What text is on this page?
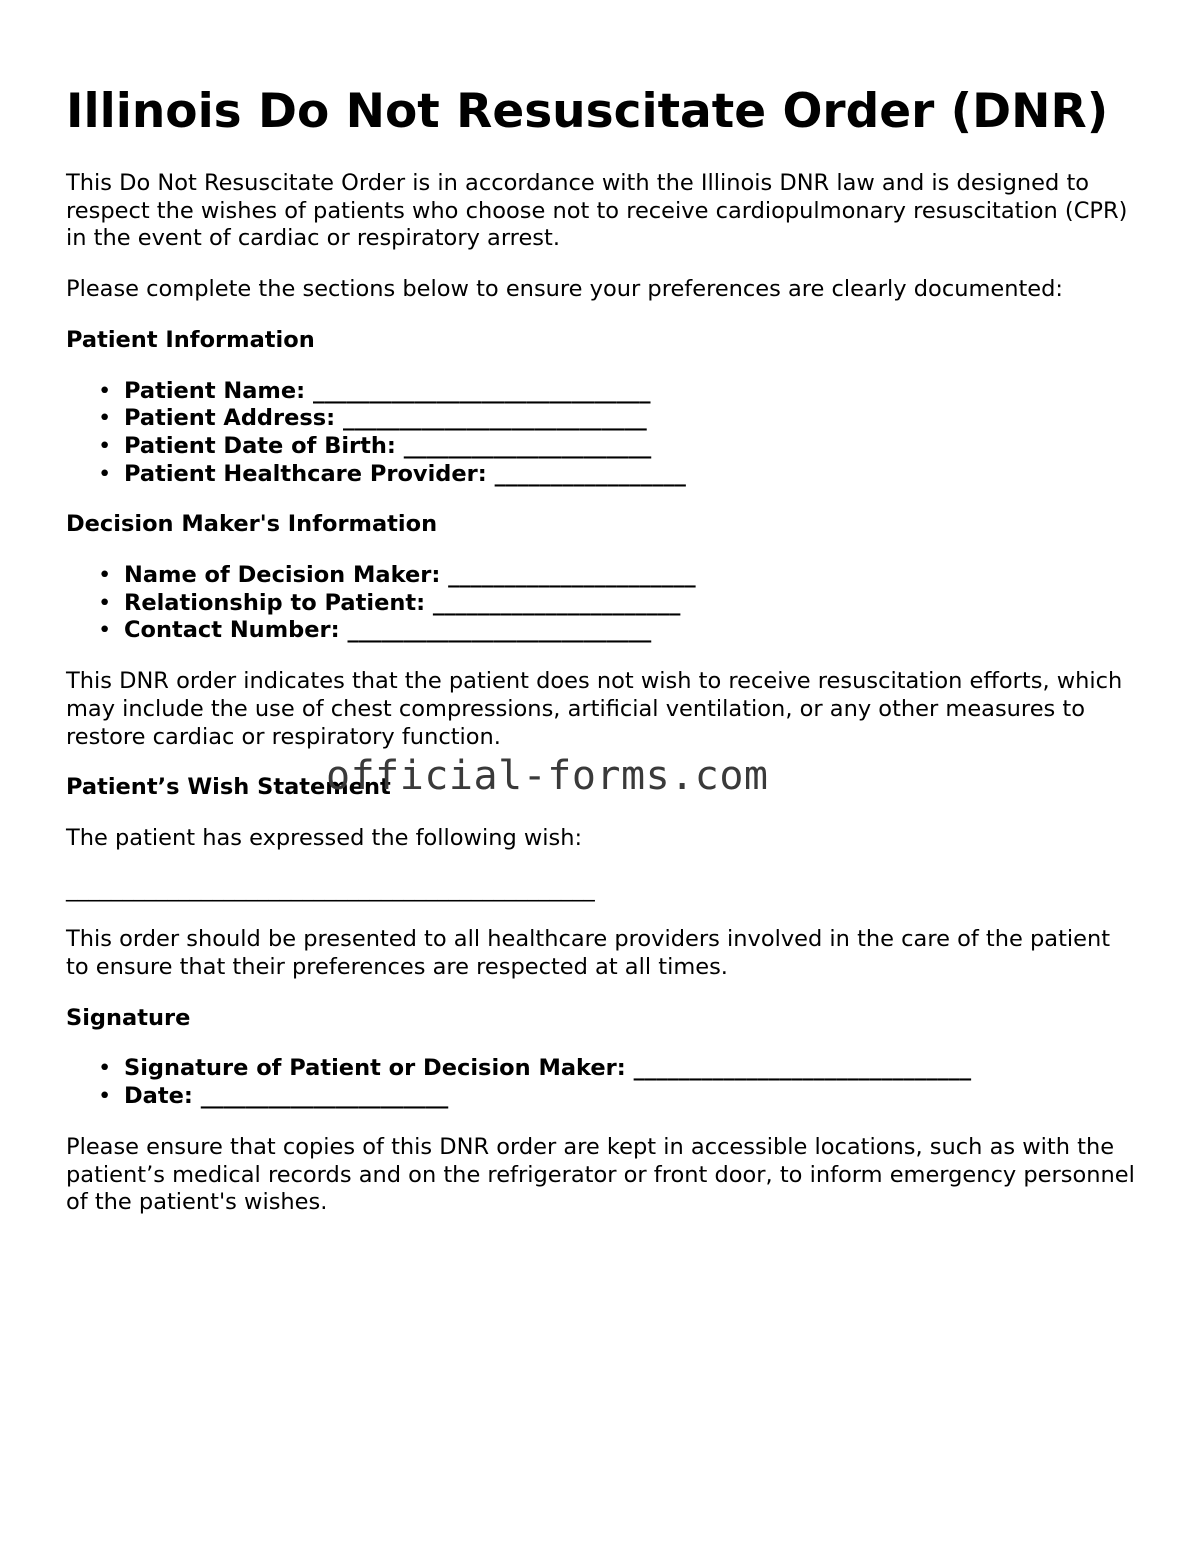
Illinois Do Not Resuscitate Order (DNR)

This Do Not Resuscitate Order is in accordance with the Illinois DNR law and is designed to respect the wishes of patients who choose not to receive cardiopulmonary resuscitation (CPR) in the event of cardiac or respiratory arrest.

Please complete the sections below to ensure your preferences are clearly documented:

Patient Information
• Patient Name: ______________________________
• Patient Address: ___________________________
• Patient Date of Birth: ______________________
• Patient Healthcare Provider: _________________
Decision Maker's Information
• Name of Decision Maker: ______________________
• Relationship to Patient: ______________________
• Contact Number: ___________________________

This DNR order indicates that the patient does not wish to receive resuscitation efforts, which may include the use of chest compressions, artificial ventilation, or any other measures to restore cardiac or respiratory function.

Patient’s Wish Statement

The patient has expressed the following wish:

_______________________________________________

This order should be presented to all healthcare providers involved in the care of the patient to ensure that their preferences are respected at all times.

Signature
• Signature of Patient or Decision Maker: ______________________________
• Date: ______________________

Please ensure that copies of this DNR order are kept in accessible locations, such as with the patient’s medical records and on the refrigerator or front door, to inform emergency personnel of the patient's wishes.

official-forms.com
